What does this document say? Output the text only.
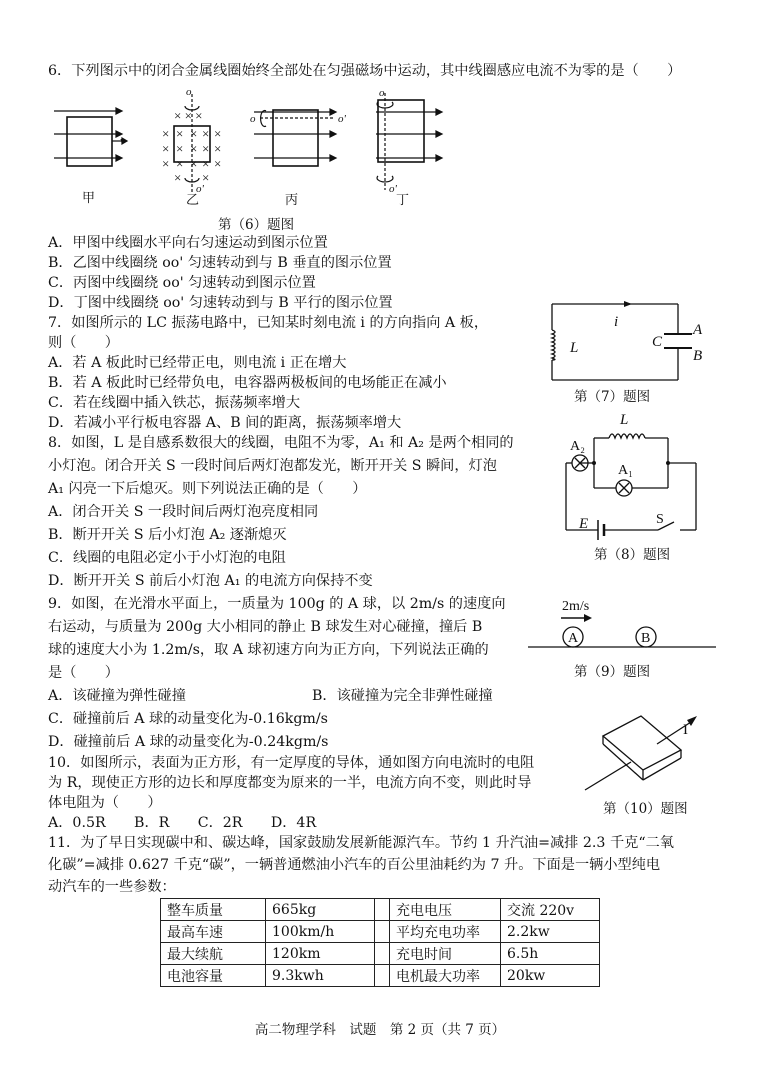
6．下列图示中的闭合金属线圈始终全部处在匀强磁场中运动，其中线圈感应电流不为零的是（　　）
× × ×
×	×
× × ×
× × × × ×
×	×
× × ×
× ×
v
o
o'
o	o'
o
o'
甲	乙	丙	丁
第（6）题图
A．甲图中线圈水平向右匀速运动到图示位置
B．乙图中线圈绕 oo' 匀速转动到与 B 垂直的图示位置
C．丙图中线圈绕 oo' 匀速转动到图示位置
D．丁图中线圈绕 oo' 匀速转动到与 B 平行的图示位置
7．如图所示的 LC 振荡电路中，已知某时刻电流 i 的方向指向 A 板，
则（　　）
A．若 A 板此时已经带正电，则电流 i 正在增大
B．若 A 板此时已经带负电，电容器两极板间的电场能正在减小
C．若在线圈中插入铁芯，振荡频率增大
D．若减小平行板电容器 A、B 间的距离，振荡频率增大
i
L	C
A
B
第（7）题图
8．如图，L 是自感系数很大的线圈，电阻不为零，A₁ 和 A₂ 是两个相同的
小灯泡。闭合开关 S 一段时间后两灯泡都发光，断开开关 S 瞬间，灯泡
A₁ 闪亮一下后熄灭。则下列说法正确的是（　　）
A．闭合开关 S 一段时间后两灯泡亮度相同
B．断开开关 S 后小灯泡 A₂ 逐渐熄灭
C．线圈的电阻必定小于小灯泡的电阻
D．断开开关 S 前后小灯泡 A₁ 的电流方向保持不变
L
E
A₂
A₁
S
第（8）题图
9．如图，在光滑水平面上，一质量为 100g 的 A 球，以 2m/s 的速度向
右运动，与质量为 200g 大小相同的静止 B 球发生对心碰撞，撞后 B
球的速度大小为 1.2m/s，取 A 球初速方向为正方向，下列说法正确的
是（　　）
A．该碰撞为弹性碰撞	B．该碰撞为完全非弹性碰撞
C．碰撞前后 A 球的动量变化为-0.16kgm/s
D．碰撞前后 A 球的动量变化为-0.24kgm/s
2m/s
A	B
第（9）题图
10．如图所示，表面为正方形，有一定厚度的导体，通如图方向电流时的电阻
为 R，现使正方形的边长和厚度都变为原来的一半，电流方向不变，则此时导
体电阻为（　　）
A．0.5R　　B．R　　C．2R　　D．4R
I
第（10）题图
11．为了早日实现碳中和、碳达峰，国家鼓励发展新能源汽车。节约 1 升汽油=减排 2.3 千克“二氧
化碳”=减排 0.627 千克“碳”，一辆普通燃油小汽车的百公里油耗约为 7 升。下面是一辆小型纯电
动汽车的一些参数：
整车质量	665kg		充电电压	交流 220v
最高车速	100km/h		平均充电功率	2.2kw
最大续航	120km		充电时间	6.5h
电池容量	9.3kwh		电机最大功率	20kw
高二物理学科　试题　第 2 页（共 7 页）
